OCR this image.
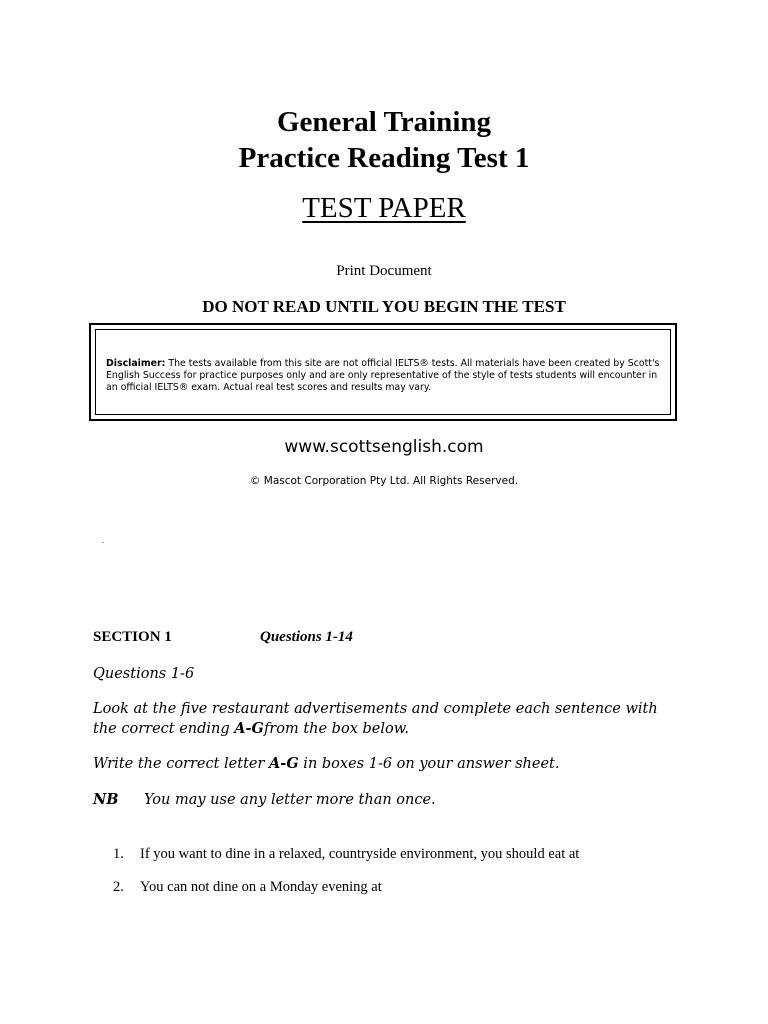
General Training
Practice Reading Test 1
TEST PAPER
Print Document
DO NOT READ UNTIL YOU BEGIN THE TEST
Disclaimer: The tests available from this site are not official IELTS® tests. All materials have been created by Scott's English Success for practice purposes only and are only representative of the style of tests students will encounter in an official IELTS® exam. Actual real test scores and results may vary.
www.scottsenglish.com
© Mascot Corporation Pty Ltd. All Rights Reserved.
.
SECTION 1	Questions 1-14
Questions 1-6
Look at the five restaurant advertisements and complete each sentence with the correct ending A-Gfrom the box below.
Write the correct letter A-G in boxes 1-6 on your answer sheet.
NB You may use any letter more than once.
1. If you want to dine in a relaxed, countryside environment, you should eat at
2. You can not dine on a Monday evening at
